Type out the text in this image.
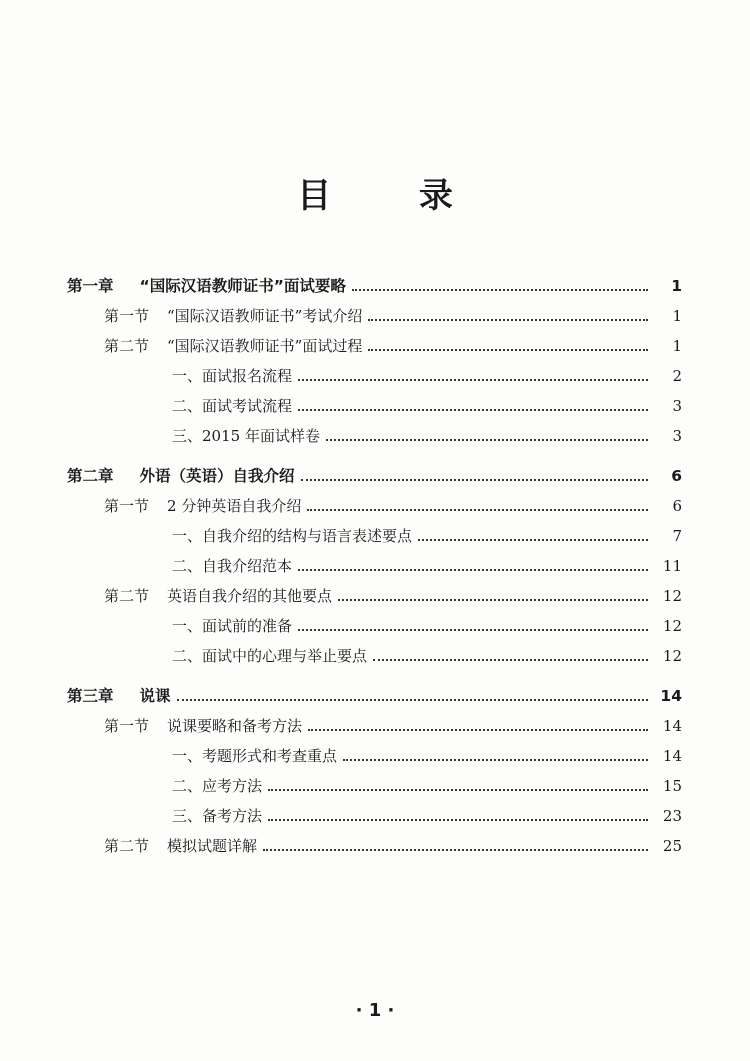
目 录
第一章 “国际汉语教师证书”面试要略	1
第一节 “国际汉语教师证书”考试介绍	1
第二节 “国际汉语教师证书”面试过程	1
一、面试报名流程	2
二、面试考试流程	3
三、2015 年面试样卷	3
第二章 外语（英语）自我介绍	6
第一节 2 分钟英语自我介绍	6
一、自我介绍的结构与语言表述要点	7
二、自我介绍范本	11
第二节 英语自我介绍的其他要点	12
一、面试前的准备	12
二、面试中的心理与举止要点	12
第三章 说课	14
第一节 说课要略和备考方法	14
一、考题形式和考查重点	14
二、应考方法	15
三、备考方法	23
第二节 模拟试题详解	25
· 1 ·
